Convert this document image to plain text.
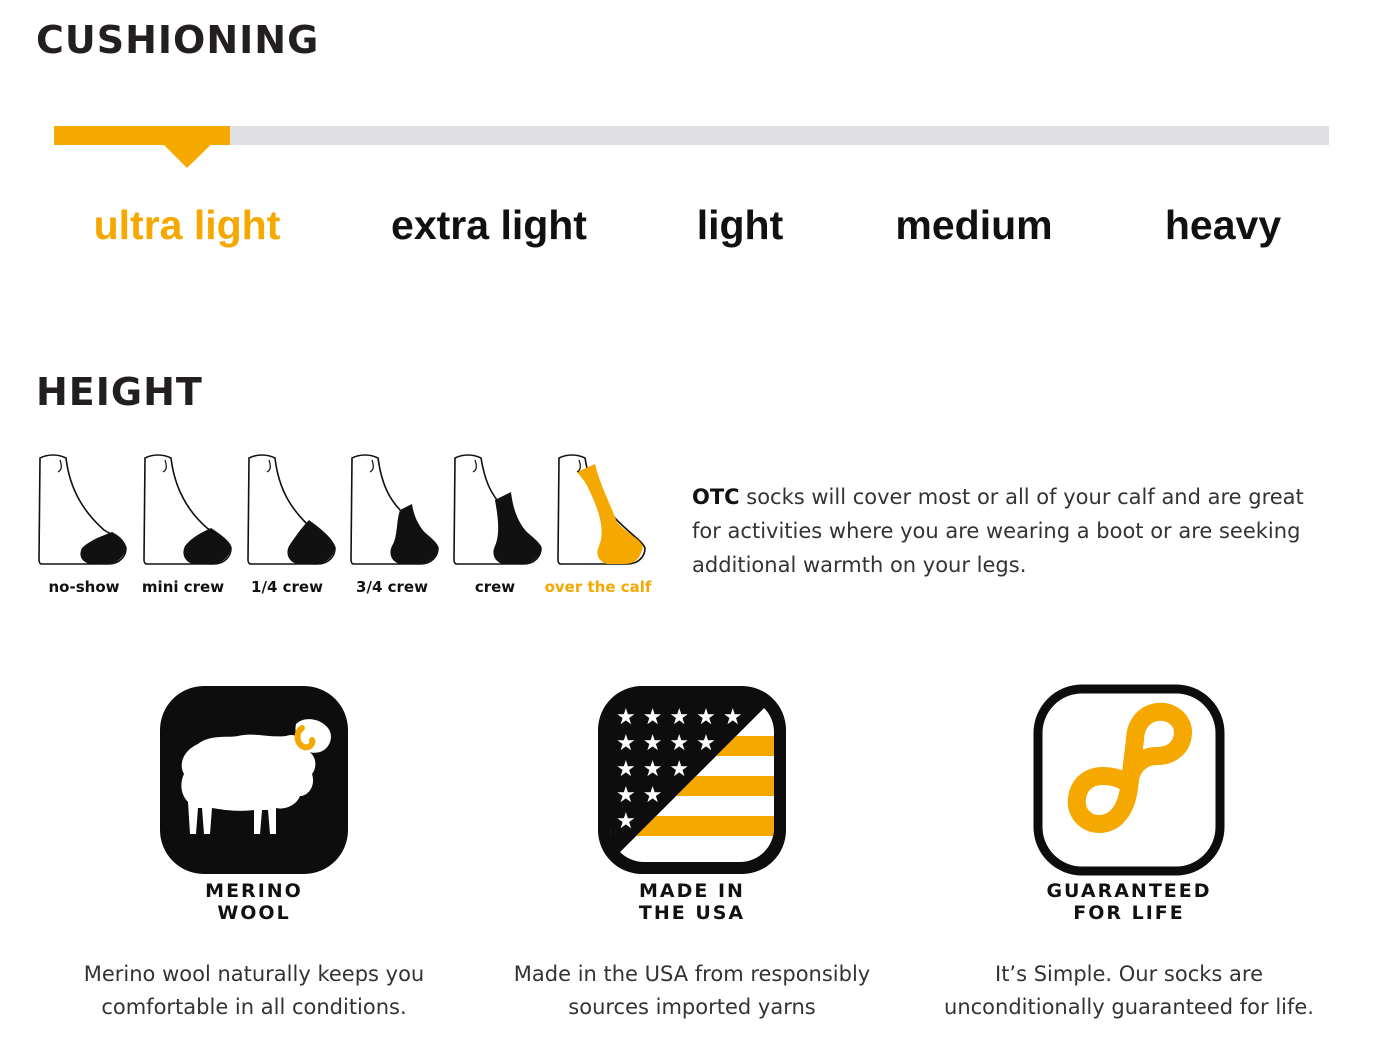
CUSHIONING
ultra light	extra light	light	medium	heavy
HEIGHT
no-show mini crew 1/4 crew 3/4 crew	crew over the calf
OTC socks will cover most or all of your calf and are great for activities where you are wearing a boot or are seeking additional warmth on your legs.
MERINO
WOOL
Merino wool naturally keeps you comfortable in all conditions.
★ ★ ★ ★ ★
★ ★ ★ ★
★ ★ ★
★ ★
★
MADE IN
THE USA
Made in the USA from responsibly sources imported yarns
GUARANTEED
FOR LIFE
It’s Simple. Our socks are unconditionally guaranteed for life.
